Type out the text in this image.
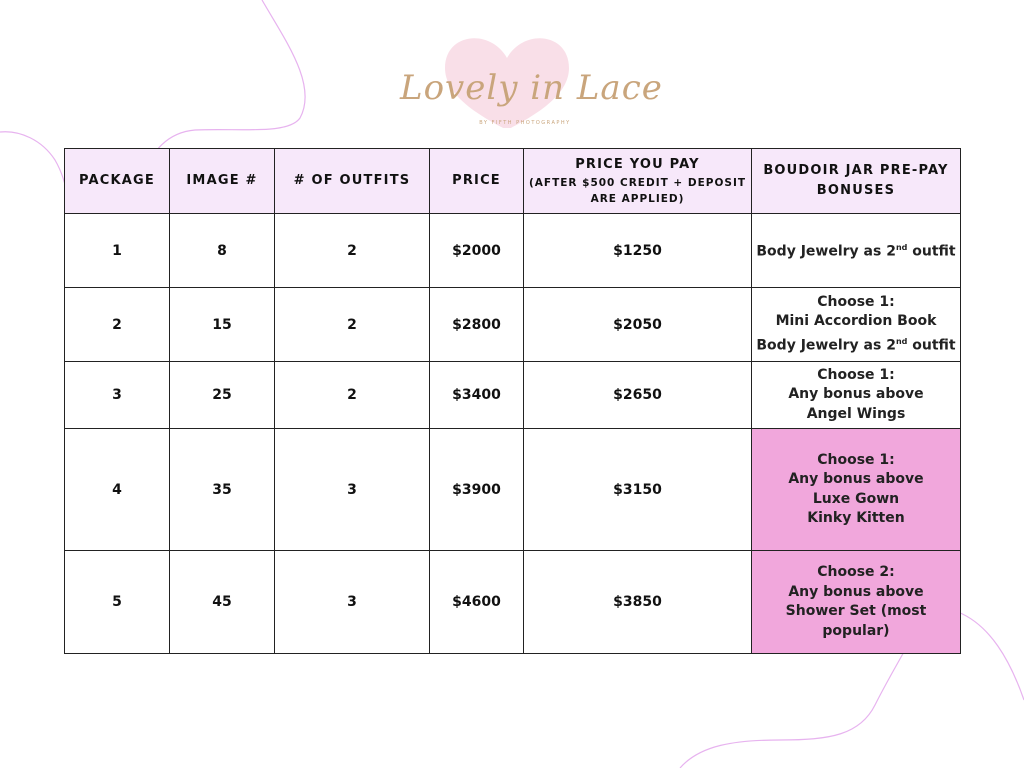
Lovely in Lace
BY FIFTH PHOTOGRAPHY
PACKAGE	IMAGE #	# OF OUTFITS	PRICE	PRICE YOU PAY
(AFTER $500 CREDIT + DEPOSIT ARE APPLIED)	BOUDOIR JAR PRE-PAY BONUSES
1	8	2	$2000	$1250	Body Jewelry as 2nd outfit

2	15	2	$2800	$2050	Choose 1:
Mini Accordion Book
Body Jewelry as 2nd outfit

3	25	2	$3400	$2650	Choose 1:
Any bonus above
Angel Wings

4	35	3	$3900	$3150	Choose 1:
Any bonus above
Luxe Gown
Kinky Kitten

5	45	3	$4600	$3850	Choose 2:
Any bonus above
Shower Set (most popular)
